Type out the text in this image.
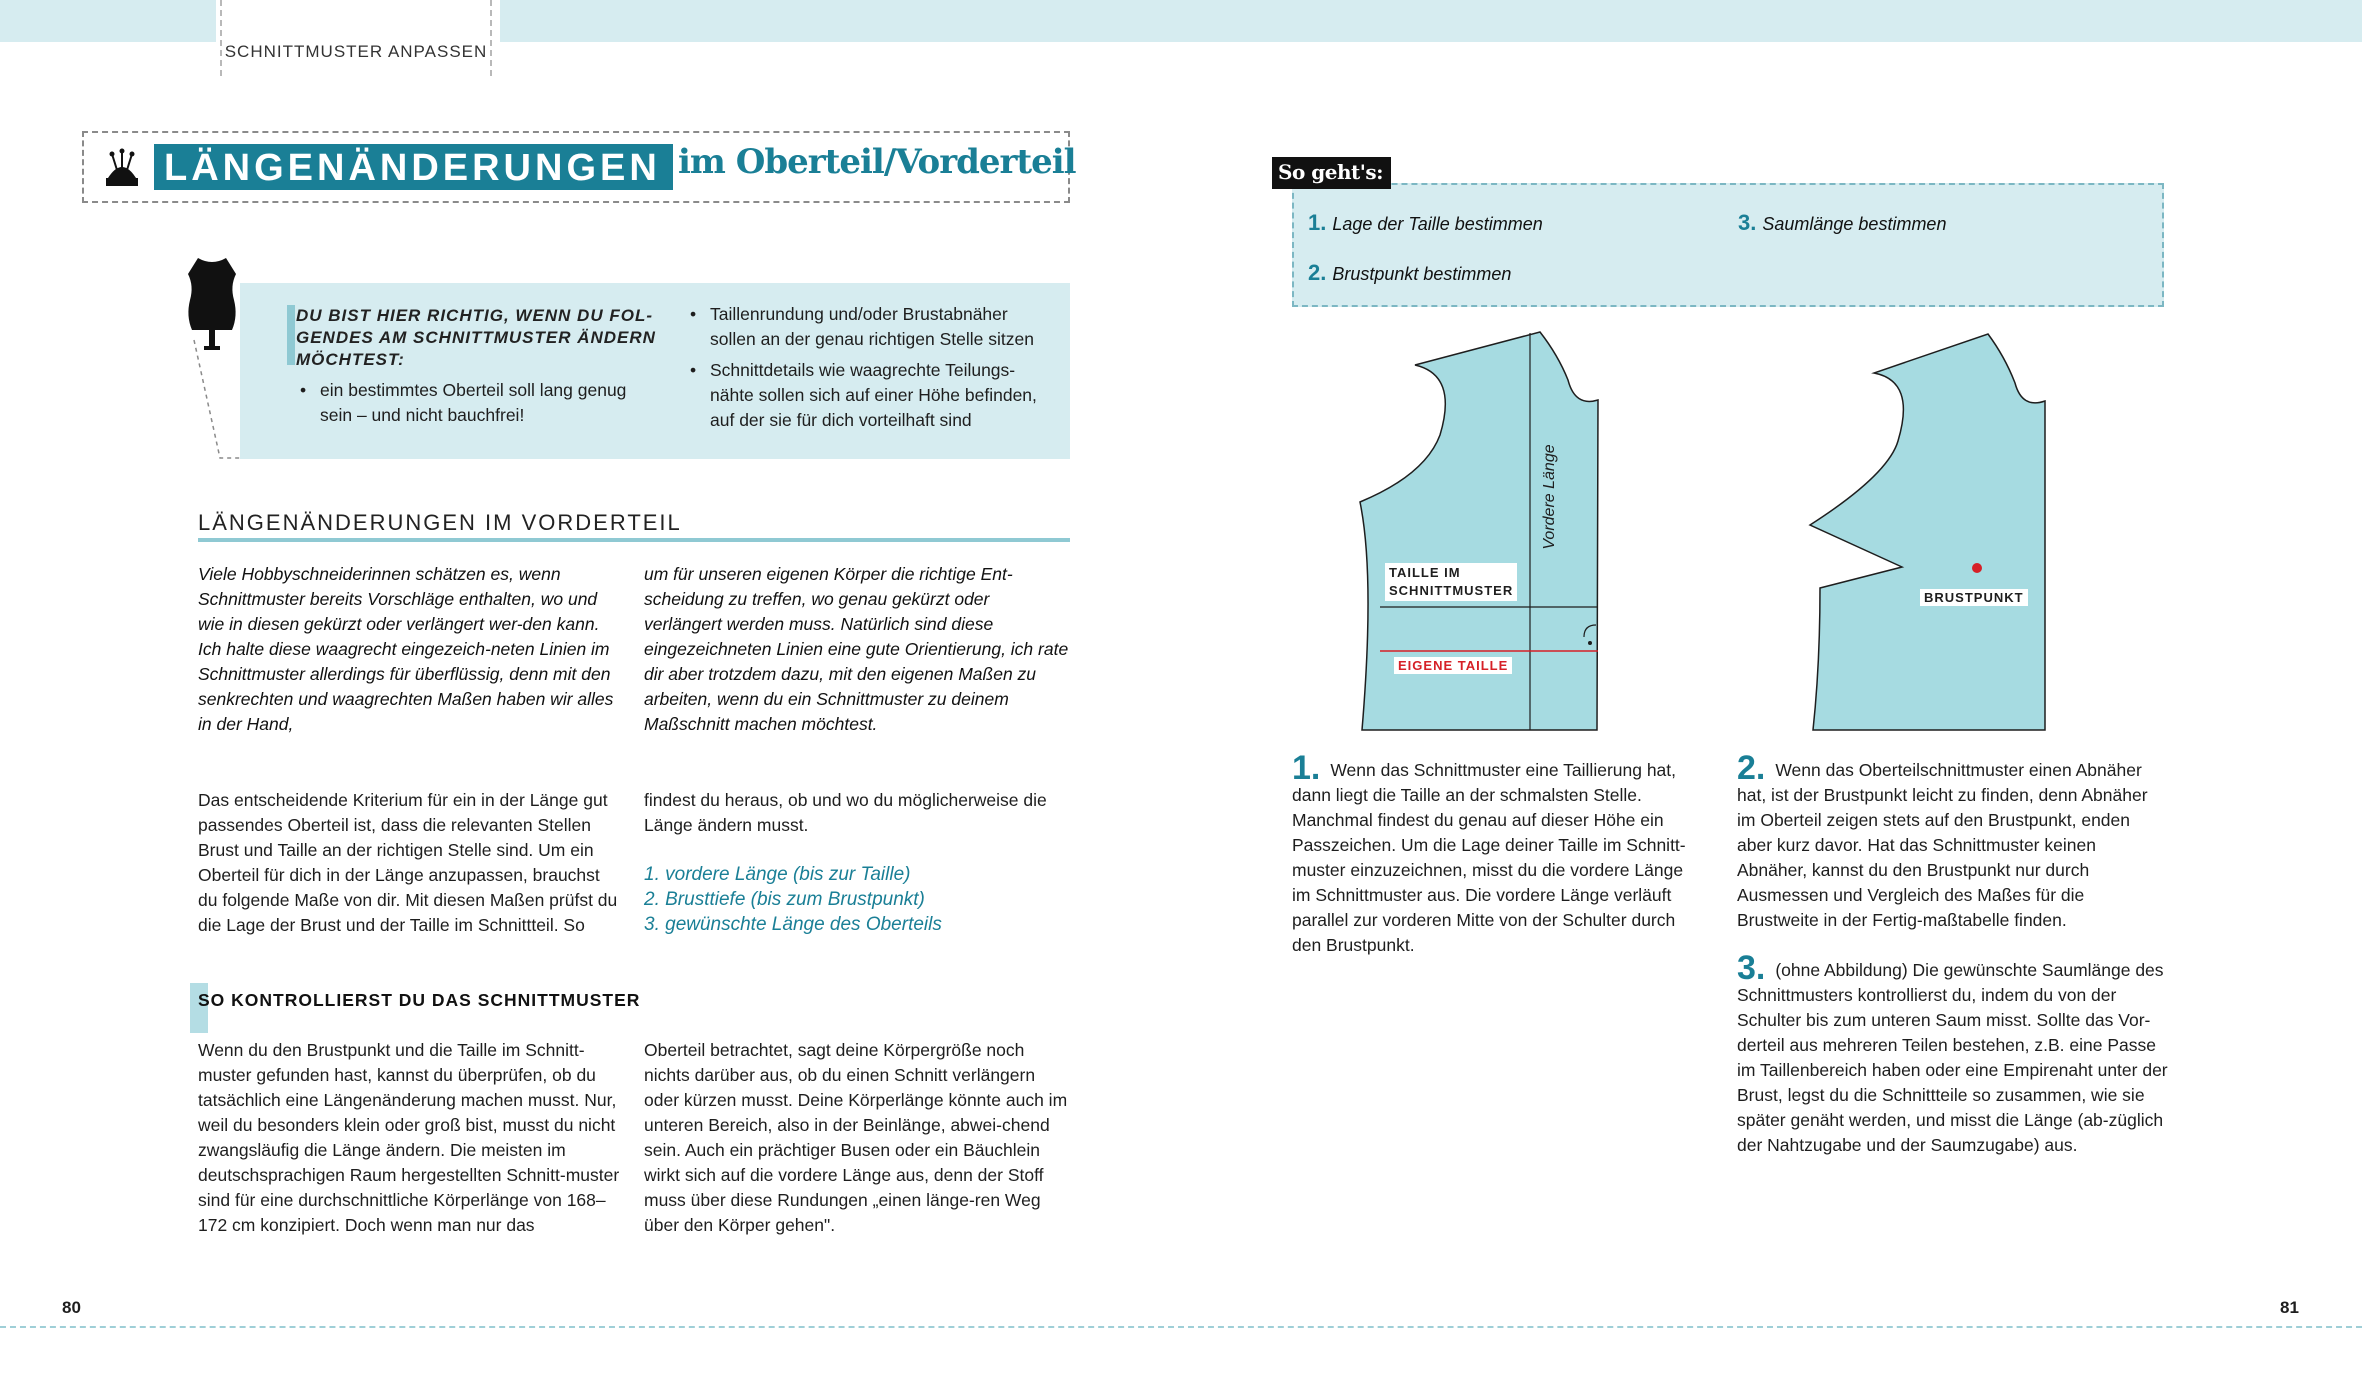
SCHNITTMUSTER ANPASSEN
LÄNGENÄNDERUNGEN im Oberteil/Vorderteil
DU BIST HIER RICHTIG, WENN DU FOL-
GENDES AM SCHNITTMUSTER ÄNDERN
MÖCHTEST:
• ein bestimmtes Oberteil soll lang genug sein – und nicht bauchfrei!
• Taillenrundung und/oder Brustabnäher sollen an der genau richtigen Stelle sitzen
• Schnittdetails wie waagrechte Teilungs-nähte sollen sich auf einer Höhe befinden, auf der sie für dich vorteilhaft sind
LÄNGENÄNDERUNGEN IM VORDERTEIL
Viele Hobbyschneiderinnen schätzen es, wenn Schnittmuster bereits Vorschläge enthalten, wo und wie in diesen gekürzt oder verlängert wer-den kann. Ich halte diese waagrecht eingezeich-neten Linien im Schnittmuster allerdings für überflüssig, denn mit den senkrechten und waagrechten Maßen haben wir alles in der Hand,
um für unseren eigenen Körper die richtige Ent-scheidung zu treffen, wo genau gekürzt oder verlängert werden muss. Natürlich sind diese eingezeichneten Linien eine gute Orientierung, ich rate dir aber trotzdem dazu, mit den eigenen Maßen zu arbeiten, wenn du ein Schnittmuster zu deinem Maßschnitt machen möchtest.
Das entscheidende Kriterium für ein in der Länge gut passendes Oberteil ist, dass die relevanten Stellen Brust und Taille an der richtigen Stelle sind. Um ein Oberteil für dich in der Länge anzupassen, brauchst du folgende Maße von dir. Mit diesen Maßen prüfst du die Lage der Brust und der Taille im Schnittteil. So
findest du heraus, ob und wo du möglicherweise die Länge ändern musst.
1. vordere Länge (bis zur Taille)
2. Brusttiefe (bis zum Brustpunkt)
3. gewünschte Länge des Oberteils
SO KONTROLLIERST DU DAS SCHNITTMUSTER
Wenn du den Brustpunkt und die Taille im Schnitt-muster gefunden hast, kannst du überprüfen, ob du tatsächlich eine Längenänderung machen musst. Nur, weil du besonders klein oder groß bist, musst du nicht zwangsläufig die Länge ändern. Die meisten im deutschsprachigen Raum hergestellten Schnitt-muster sind für eine durchschnittliche Körperlänge von 168–172 cm konzipiert. Doch wenn man nur das
Oberteil betrachtet, sagt deine Körpergröße noch nichts darüber aus, ob du einen Schnitt verlängern oder kürzen musst. Deine Körperlänge könnte auch im unteren Bereich, also in der Beinlänge, abwei-chend sein. Auch ein prächtiger Busen oder ein Bäuchlein wirkt sich auf die vordere Länge aus, denn der Stoff muss über diese Rundungen „einen länge-ren Weg über den Körper gehen".
So geht's:
1. Lage der Taille bestimmen
2. Brustpunkt bestimmen
3. Saumlänge bestimmen
TAILLE IM
SCHNITTMUSTER
EIGENE TAILLE
Vordere Länge
BRUSTPUNKT
1. Wenn das Schnittmuster eine Taillierung hat, dann liegt die Taille an der schmalsten Stelle. Manchmal findest du genau auf dieser Höhe ein Passzeichen. Um die Lage deiner Taille im Schnitt-muster einzuzeichnen, misst du die vordere Länge im Schnittmuster aus. Die vordere Länge verläuft parallel zur vorderen Mitte von der Schulter durch den Brustpunkt.
2. Wenn das Oberteilschnittmuster einen Abnäher hat, ist der Brustpunkt leicht zu finden, denn Abnäher im Oberteil zeigen stets auf den Brustpunkt, enden aber kurz davor. Hat das Schnittmuster keinen Abnäher, kannst du den Brustpunkt nur durch Ausmessen und Vergleich des Maßes für die Brustweite in der Fertig-maßtabelle finden.
3. (ohne Abbildung) Die gewünschte Saumlänge des Schnittmusters kontrollierst du, indem du von der Schulter bis zum unteren Saum misst. Sollte das Vor-derteil aus mehreren Teilen bestehen, z.B. eine Passe im Taillenbereich haben oder eine Empirenaht unter der Brust, legst du die Schnittteile so zusammen, wie sie später genäht werden, und misst die Länge (ab-züglich der Nahtzugabe und der Saumzugabe) aus.
80	81
